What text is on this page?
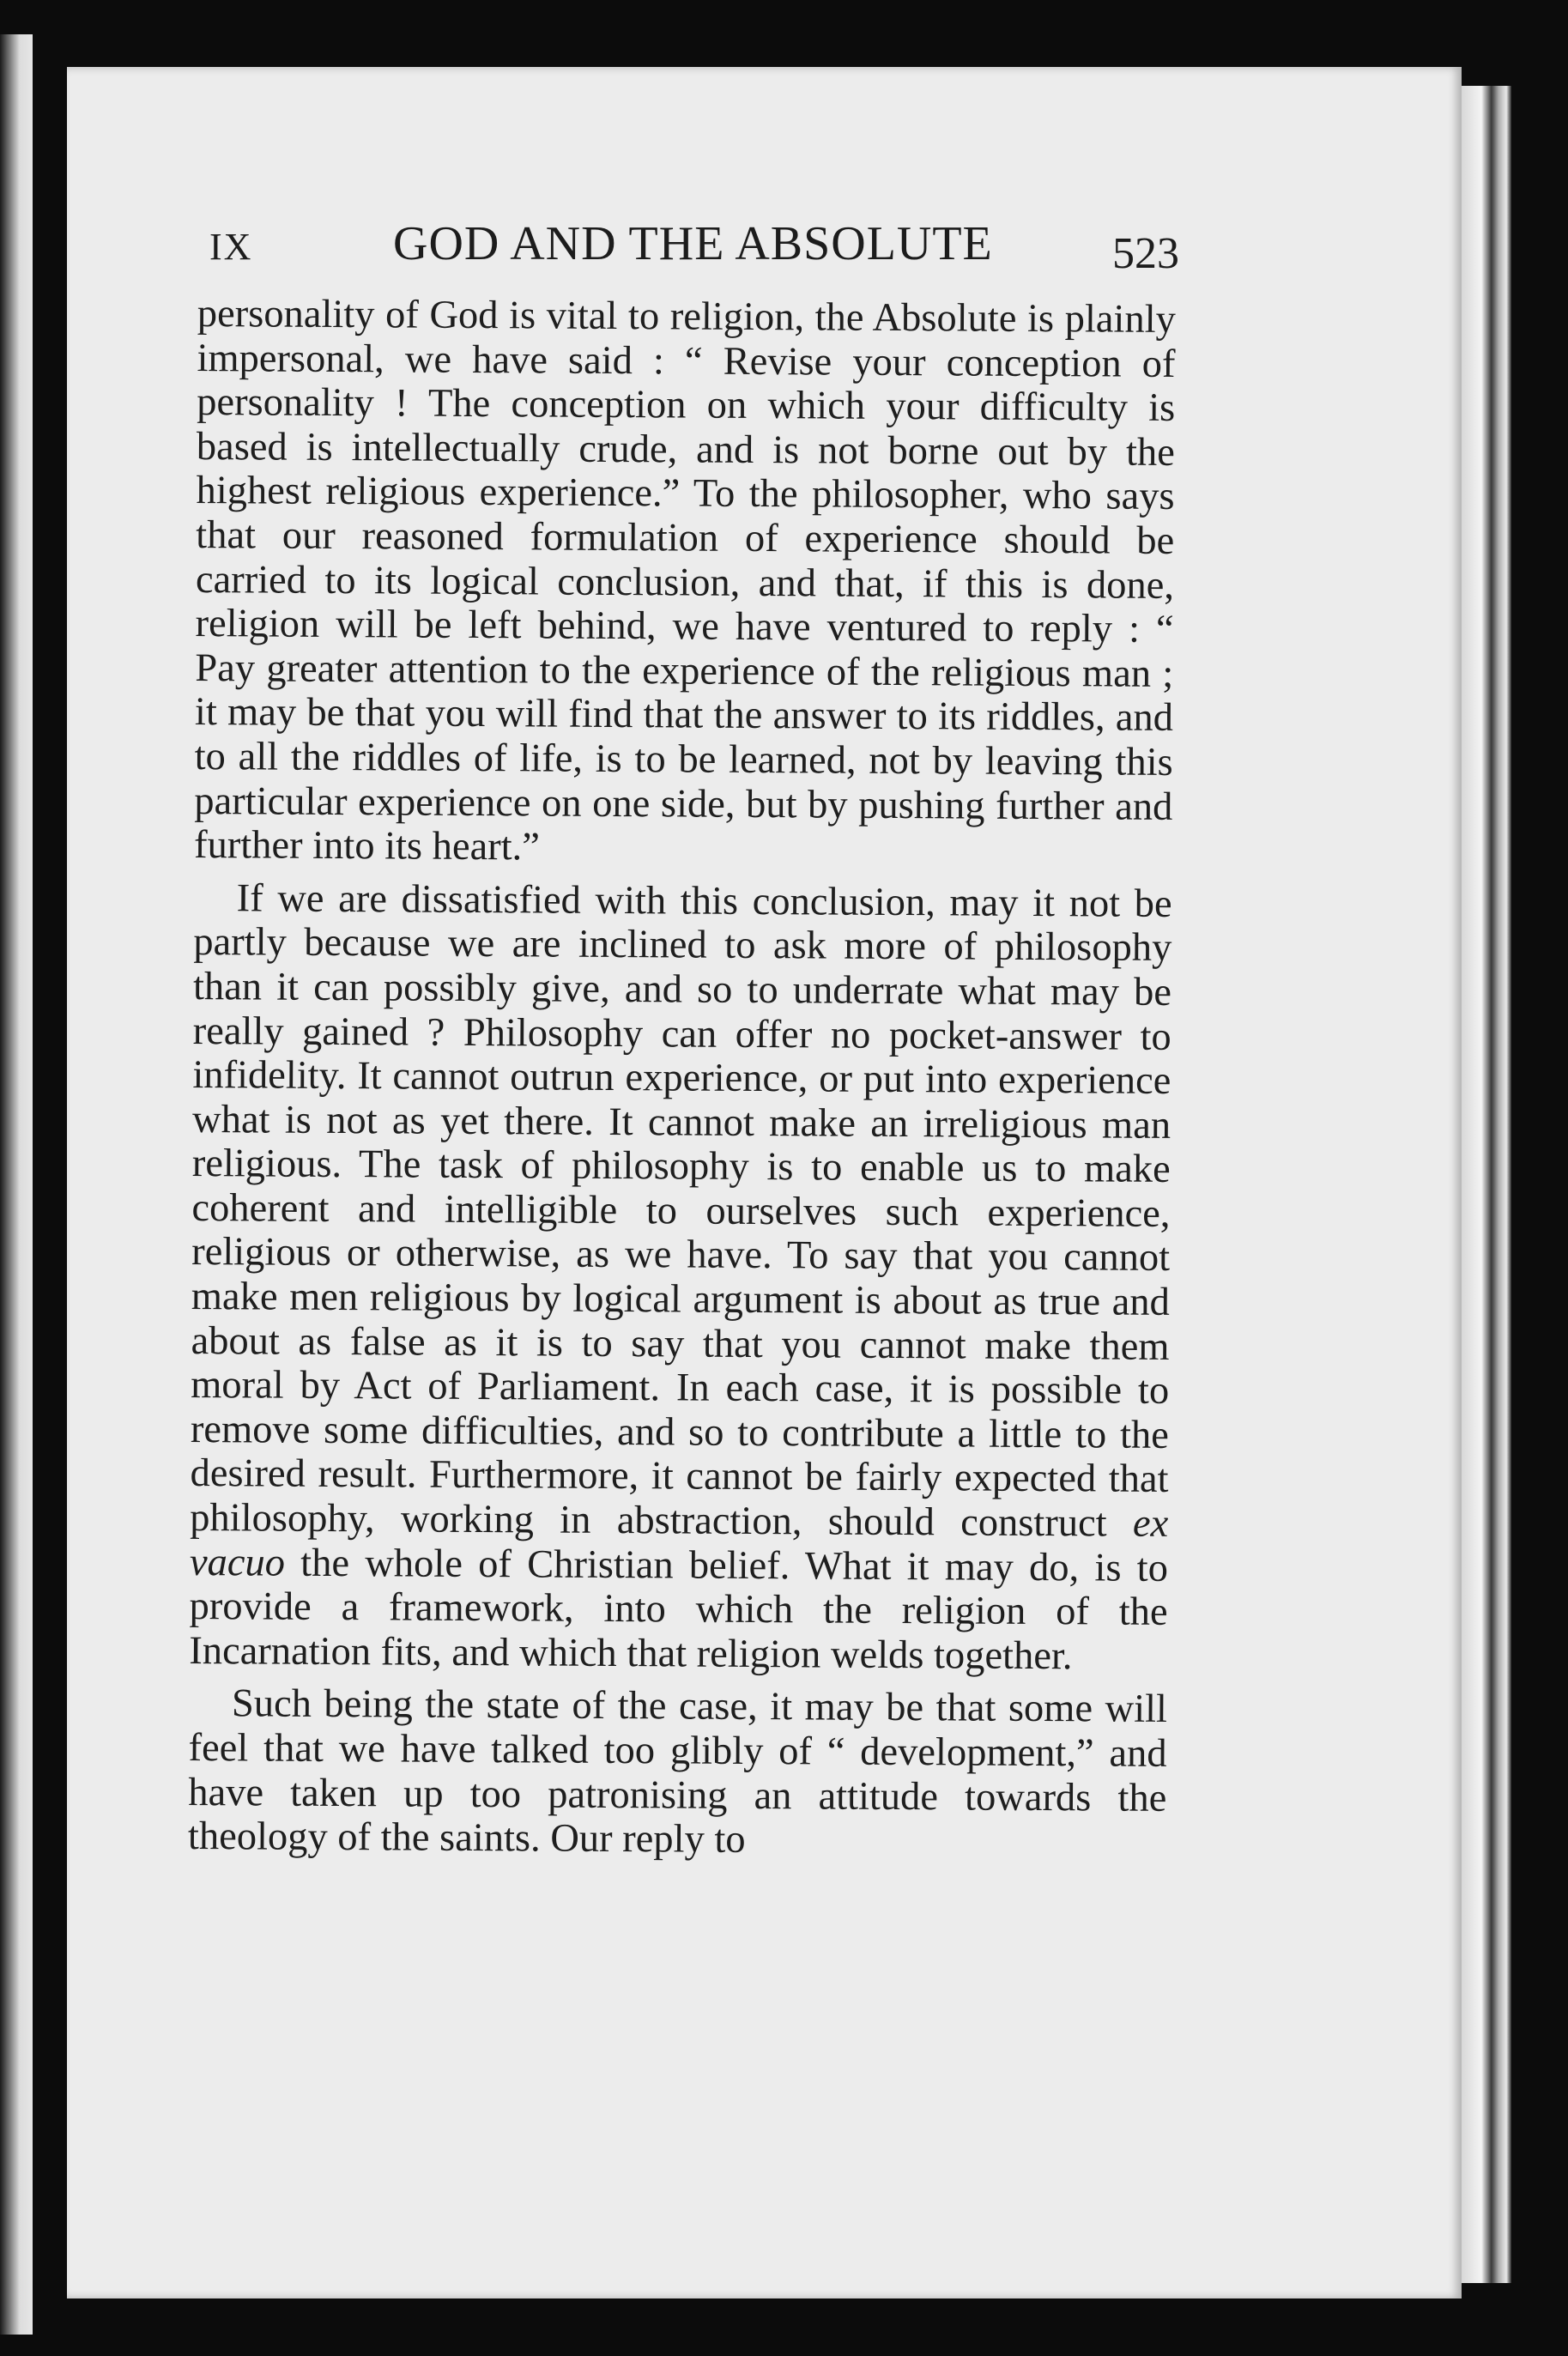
IX	GOD AND THE ABSOLUTE	523

personality of God is vital to religion, the Absolute is plainly impersonal, we have said : “ Revise your conception of personality ! The conception on which your difficulty is based is intellectually crude, and is not borne out by the highest religious experience.” To the philosopher, who says that our reasoned formulation of experience should be carried to its logical conclusion, and that, if this is done, religion will be left behind, we have ventured to reply : “ Pay greater attention to the experience of the religious man ; it may be that you will find that the answer to its riddles, and to all the riddles of life, is to be learned, not by leaving this particular experience on one side, but by pushing further and further into its heart.”

If we are dissatisfied with this conclusion, may it not be partly because we are inclined to ask more of philosophy than it can possibly give, and so to underrate what may be really gained ? Philosophy can offer no pocket-answer to infidelity. It cannot outrun experience, or put into experience what is not as yet there. It cannot make an irreligious man religious. The task of philosophy is to enable us to make coherent and intelligible to ourselves such experience, religious or otherwise, as we have. To say that you cannot make men religious by logical argument is about as true and about as false as it is to say that you cannot make them moral by Act of Parliament. In each case, it is possible to remove some difficulties, and so to contribute a little to the desired result. Furthermore, it cannot be fairly expected that philosophy, working in abstraction, should construct ex vacuo the whole of Christian belief. What it may do, is to provide a framework, into which the religion of the Incarnation fits, and which that religion welds together.

Such being the state of the case, it may be that some will feel that we have talked too glibly of “ development,” and have taken up too patronising an attitude towards the theology of the saints. Our reply to
